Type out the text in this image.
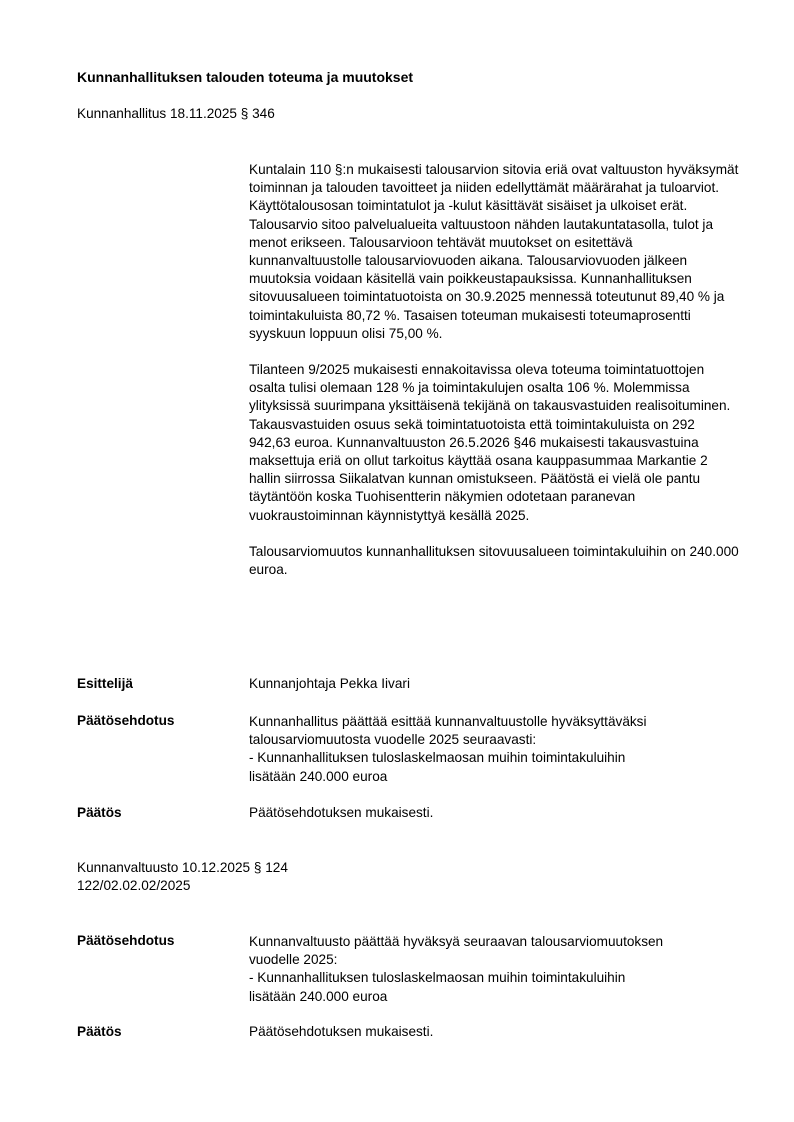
Kunnanhallituksen talouden toteuma ja muutokset
Kunnanhallitus 18.11.2025 § 346

Kuntalain 110 §:n mukaisesti talousarvion sitovia eriä ovat valtuuston hyväksymät toiminnan ja talouden tavoitteet ja niiden edellyttämät määrärahat ja tuloarviot. Käyttötalousosan toimintatulot ja -kulut käsittävät sisäiset ja ulkoiset erät. Talousarvio sitoo palvelualueita valtuustoon nähden lautakuntatasolla, tulot ja menot erikseen. Talousarvioon tehtävät muutokset on esitettävä kunnanvaltuustolle talousarviovuoden aikana. Talousarviovuoden jälkeen muutoksia voidaan käsitellä vain poikkeustapauksissa. Kunnanhallituksen sitovuusalueen toimintatuotoista on 30.9.2025 mennessä toteutunut 89,40 % ja toimintakuluista 80,72 %. Tasaisen toteuman mukaisesti toteumaprosentti syyskuun loppuun olisi 75,00 %.

Tilanteen 9/2025 mukaisesti ennakoitavissa oleva toteuma toimintatuottojen osalta tulisi olemaan 128 % ja toimintakulujen osalta 106 %. Molemmissa ylityksissä suurimpana yksittäisenä tekijänä on takausvastuiden realisoituminen. Takausvastuiden osuus sekä toimintatuotoista että toimintakuluista on 292 942,63 euroa. Kunnanvaltuuston 26.5.2026 §46 mukaisesti takausvastuina maksettuja eriä on ollut tarkoitus käyttää osana kauppasummaa Markantie 2 hallin siirrossa Siikalatvan kunnan omistukseen. Päätöstä ei vielä ole pantu täytäntöön koska Tuohisentterin näkymien odotetaan paranevan vuokraustoiminnan käynnistyttyä kesällä 2025.

Talousarviomuutos kunnanhallituksen sitovuusalueen toimintakuluihin on 240.000 euroa.

Esittelijä	Kunnanjohtaja Pekka Iivari
Päätösehdotus	Kunnanhallitus päättää esittää kunnanvaltuustolle hyväksyttäväksi
talousarviomuutosta vuodelle 2025 seuraavasti:
- Kunnanhallituksen tuloslaskelmaosan muihin toimintakuluihin
lisätään 240.000 euroa
Päätös	Päätösehdotuksen mukaisesti.
Kunnanvaltuusto 10.12.2025 § 124
122/02.02.02/2025
Päätösehdotus	Kunnanvaltuusto päättää hyväksyä seuraavan talousarviomuutoksen
vuodelle 2025:
- Kunnanhallituksen tuloslaskelmaosan muihin toimintakuluihin
lisätään 240.000 euroa
Päätös	Päätösehdotuksen mukaisesti.
